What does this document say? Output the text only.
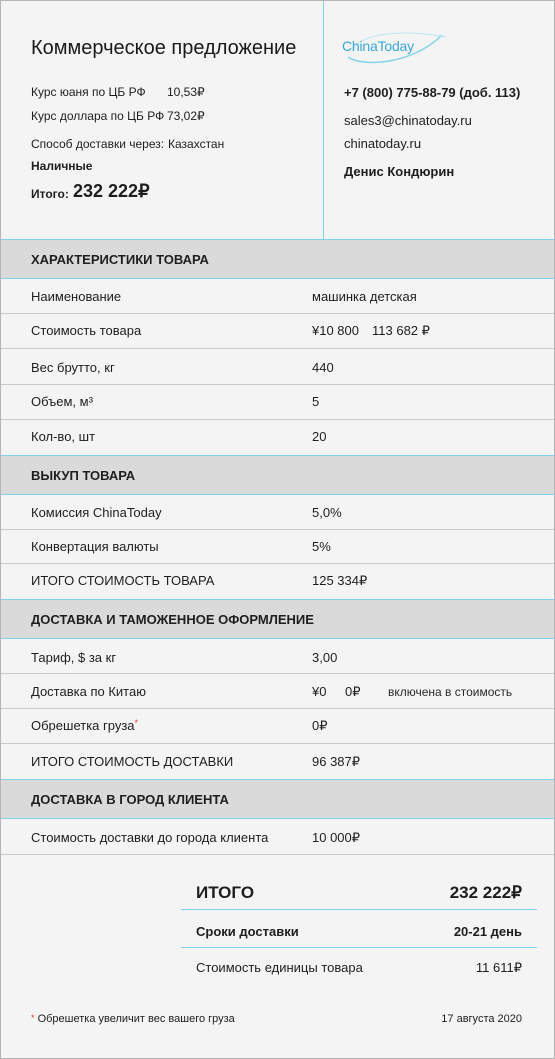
Коммерческое предложение
Курс юаня по ЦБ РФ 10,53₽
Курс доллара по ЦБ РФ 73,02₽
Способ доставки через: Казахстан
Наличные
Итого: 232 222₽
ChinaToday
+7 (800) 775-88-79 (доб. 113)
sales3@chinatoday.ru
chinatoday.ru
Денис Кондюрин
ХАРАКТЕРИСТИКИ ТОВАРА
Наименование	машинка детская
Стоимость товара	¥10 800 113 682 ₽
Вес брутто, кг	440
Объем, м³	5
Кол-во, шт	20
ВЫКУП ТОВАРА
Комиссия ChinaToday	5,0%
Конвертация валюты	5%
ИТОГО СТОИМОСТЬ ТОВАРА	125 334₽
ДОСТАВКА И ТАМОЖЕННОЕ ОФОРМЛЕНИЕ
Тариф, $ за кг	3,00
Доставка по Китаю	¥0 0₽ включена в стоимость
Обрешетка груза*	0₽
ИТОГО СТОИМОСТЬ ДОСТАВКИ	96 387₽
ДОСТАВКА В ГОРОД КЛИЕНТА
Стоимость доставки до города клиента	10 000₽
ИТОГО	232 222₽
Сроки доставки	20-21 день
Стоимость единицы товара	11 611₽
* Обрешетка увеличит вес вашего груза	17 августа 2020
